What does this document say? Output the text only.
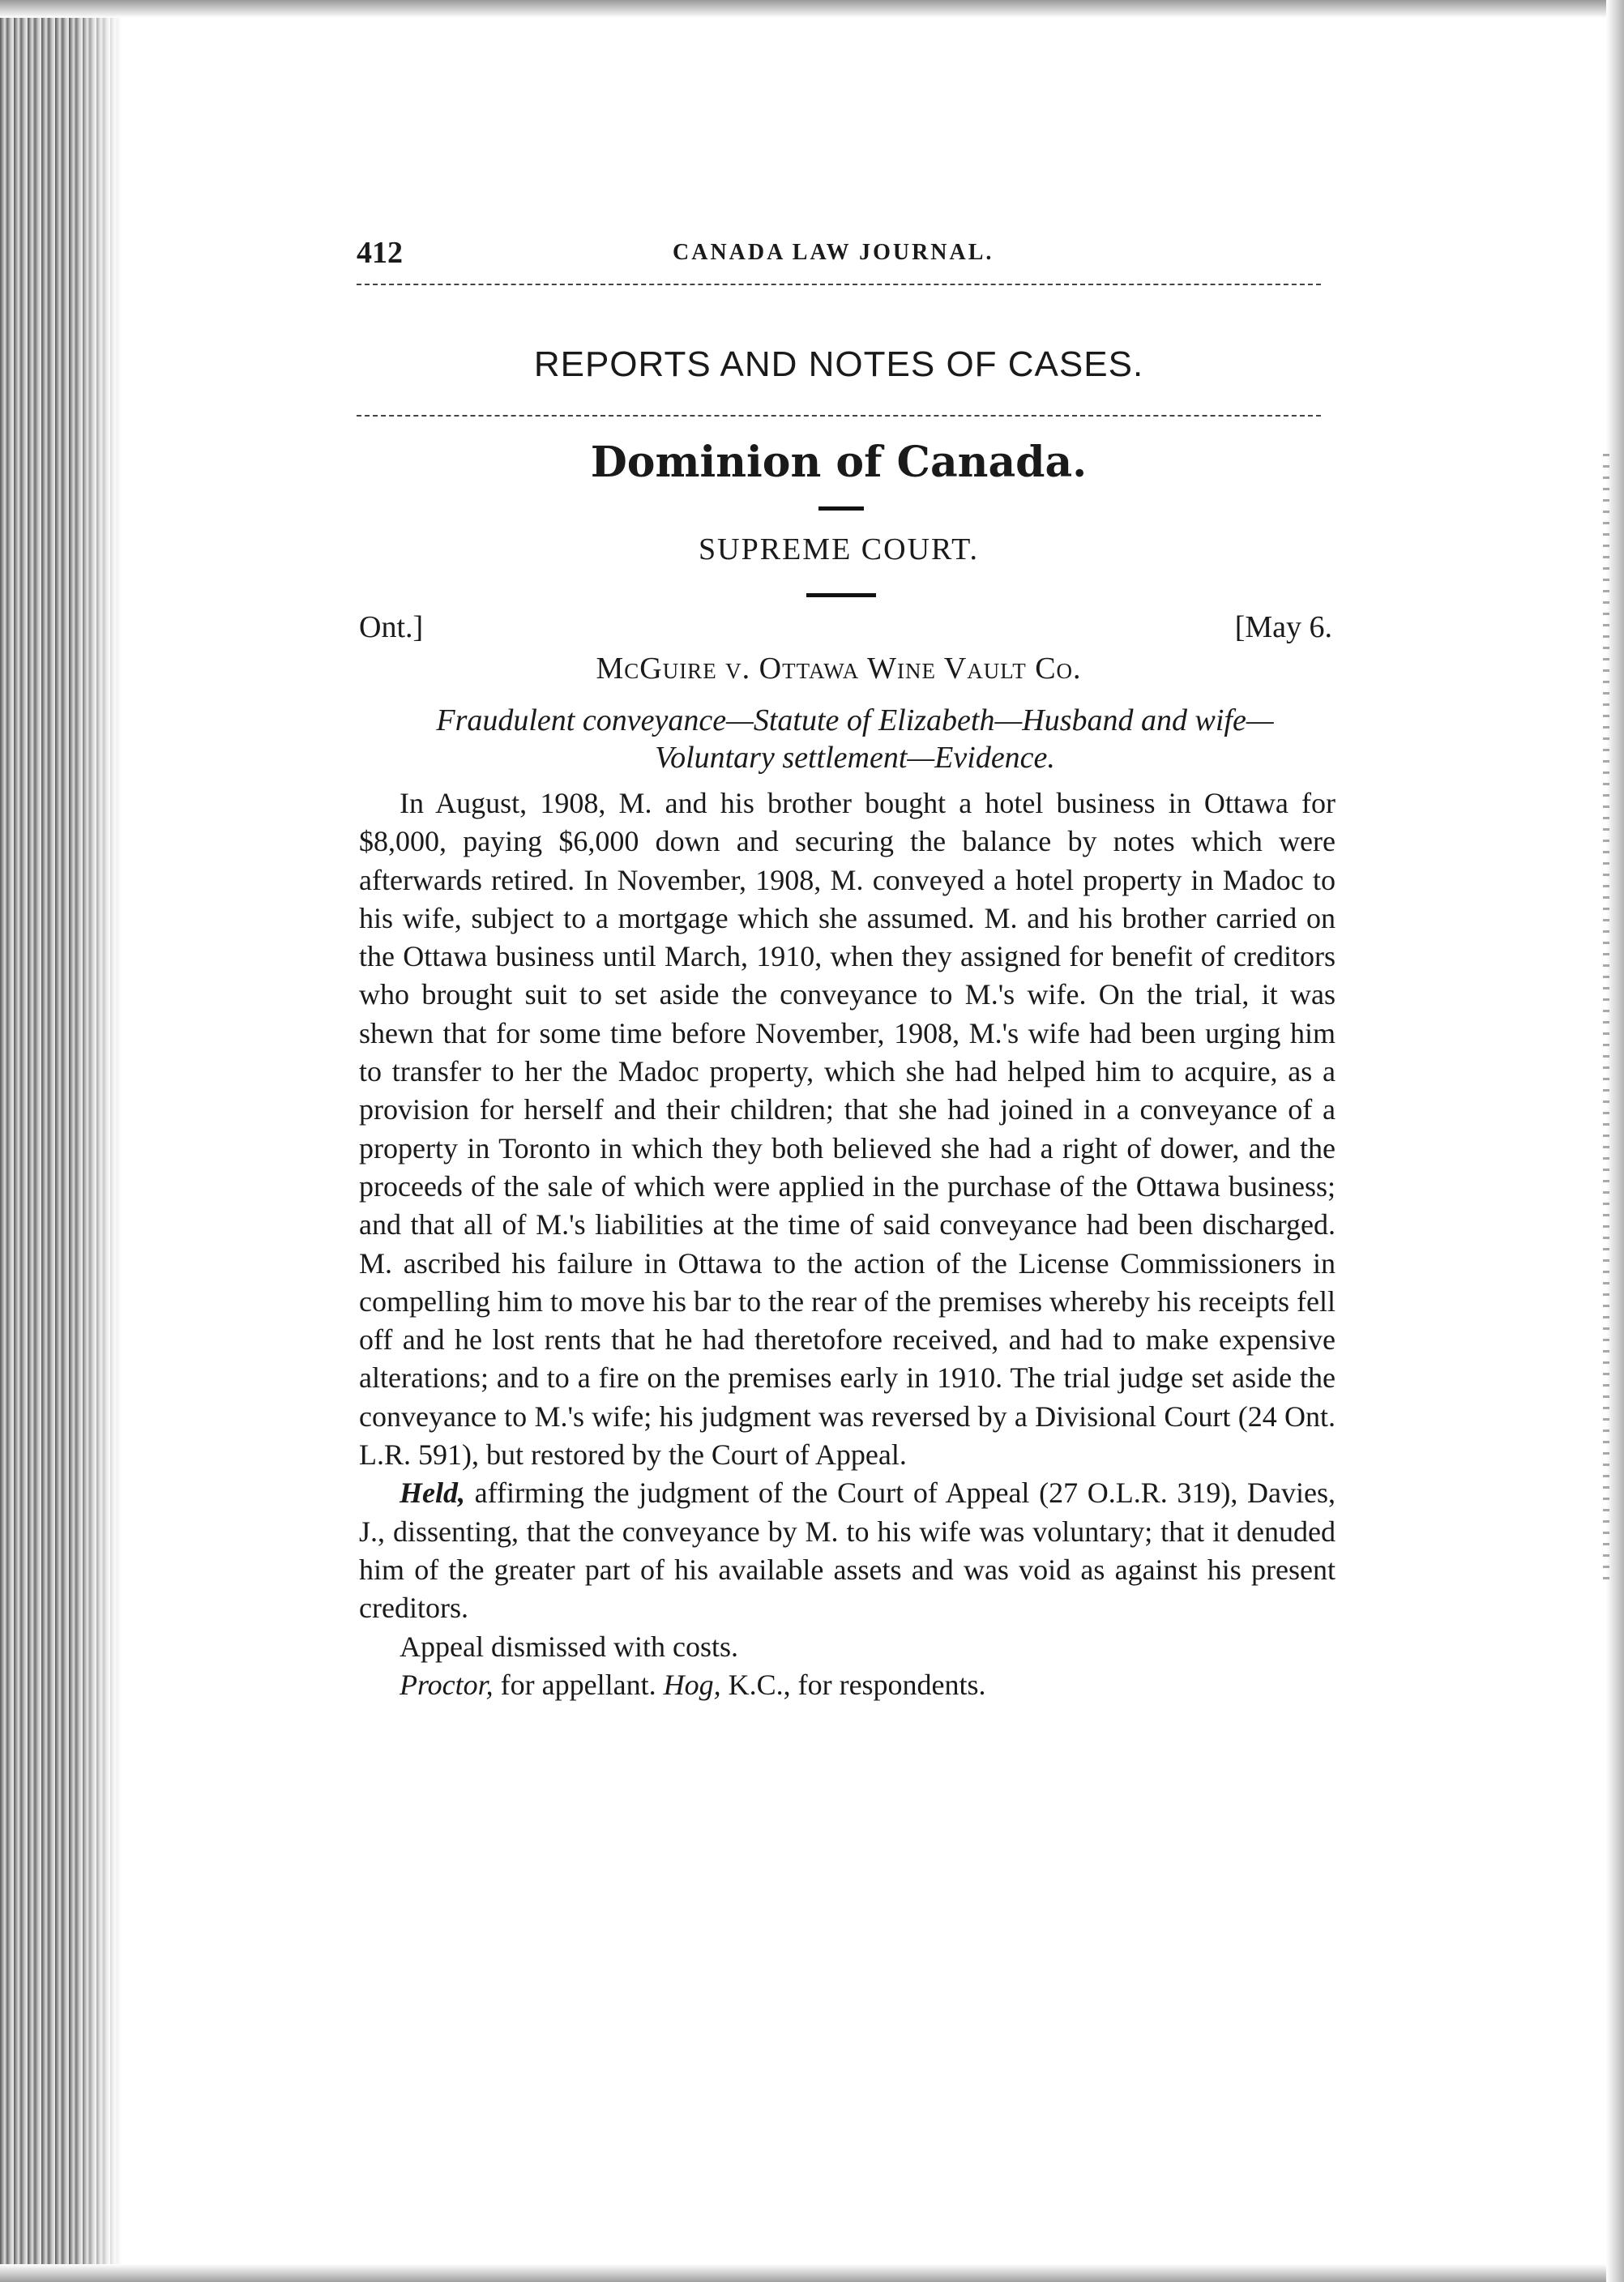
412	CANADA LAW JOURNAL.
REPORTS AND NOTES OF CASES.
Dominion of Canada.
SUPREME COURT.
Ont.]	[May 6.
McGuire v. Ottawa Wine Vault Co.
Fraudulent conveyance—Statute of Elizabeth—Husband and wife—Voluntary settlement—Evidence.

In August, 1908, M. and his brother bought a hotel business in Ottawa for $8,000, paying $6,000 down and securing the balance by notes which were afterwards retired. In November, 1908, M. conveyed a hotel property in Madoc to his wife, subject to a mortgage which she assumed. M. and his brother carried on the Ottawa business until March, 1910, when they assigned for benefit of creditors who brought suit to set aside the conveyance to M.'s wife. On the trial, it was shewn that for some time before November, 1908, M.'s wife had been urging him to transfer to her the Madoc property, which she had helped him to acquire, as a provision for herself and their children; that she had joined in a conveyance of a property in Toronto in which they both believed she had a right of dower, and the proceeds of the sale of which were applied in the purchase of the Ottawa business; and that all of M.'s liabilities at the time of said conveyance had been discharged. M. ascribed his failure in Ottawa to the action of the License Commissioners in compelling him to move his bar to the rear of the premises whereby his receipts fell off and he lost rents that he had theretofore received, and had to make expensive alterations; and to a fire on the premises early in 1910. The trial judge set aside the conveyance to M.'s wife; his judgment was reversed by a Divisional Court (24 Ont. L.R. 591), but restored by the Court of Appeal.

Held, affirming the judgment of the Court of Appeal (27 O.L.R. 319), Davies, J., dissenting, that the conveyance by M. to his wife was voluntary; that it denuded him of the greater part of his available assets and was void as against his present creditors.

Appeal dismissed with costs.

Proctor, for appellant. Hog, K.C., for respondents.
